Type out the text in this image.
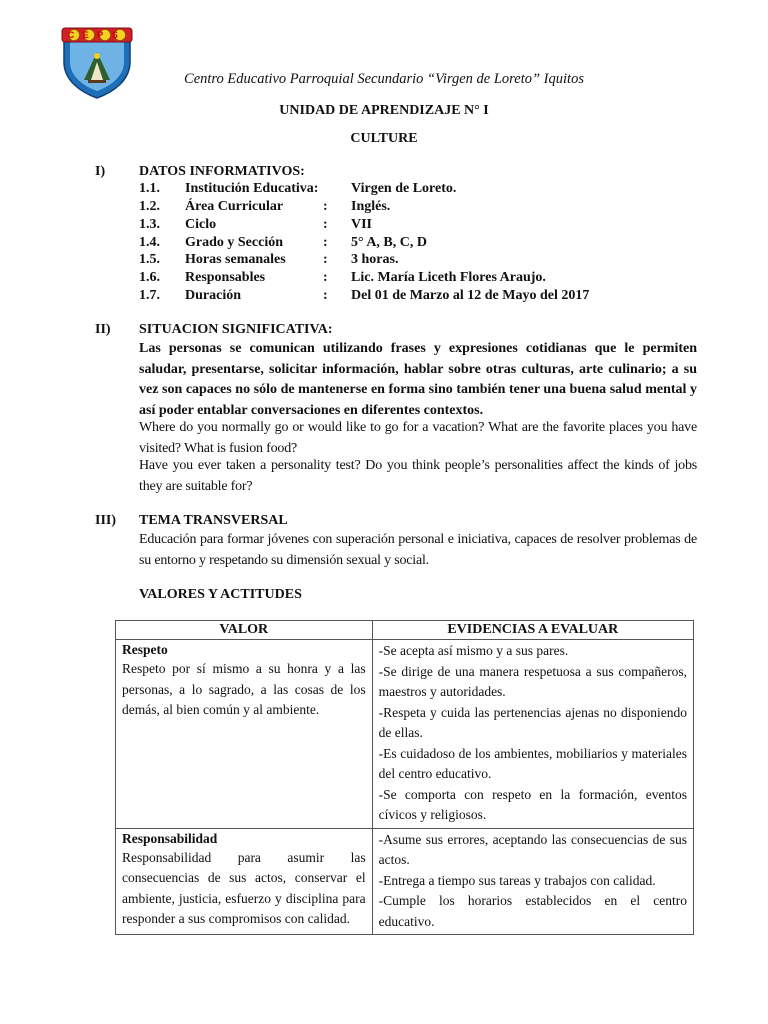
CEPS
Centro Educativo Parroquial Secundario “Virgen de Loreto” Iquitos
UNIDAD DE APRENDIZAJE N° I
CULTURE
I) DATOS INFORMATIVOS:
1.1. Institución Educativa: Virgen de Loreto.
1.2. Área Curricular	: Inglés.
1.3. Ciclo	: VII
1.4. Grado y Sección	: 5° A, B, C, D
1.5. Horas semanales	: 3 horas.
1.6. Responsables	: Lic. María Liceth Flores Araujo.
1.7. Duración	: Del 01 de Marzo al 12 de Mayo del 2017
II) SITUACION SIGNIFICATIVA:
Las personas se comunican utilizando frases y expresiones cotidianas que le permiten saludar, presentarse, solicitar información, hablar sobre otras culturas, arte culinario; a su vez son capaces no sólo de mantenerse en forma sino también tener una buena salud mental y así poder entablar conversaciones en diferentes contextos.
Where do you normally go or would like to go for a vacation? What are the favorite places you have visited? What is fusion food?
Have you ever taken a personality test? Do you think people’s personalities affect the kinds of jobs they are suitable for?
III) TEMA TRANSVERSAL
Educación para formar jóvenes con superación personal e iniciativa, capaces de resolver problemas de su entorno y respetando su dimensión sexual y social.
VALORES Y ACTITUDES
VALOR	EVIDENCIAS A EVALUAR

Respeto
Respeto por sí mismo a su honra y a las personas, a lo sagrado, a las cosas de los demás, al bien común y al ambiente.	-Se acepta así mismo y a sus pares.
-Se dirige de una manera respetuosa a sus compañeros, maestros y autoridades.
-Respeta y cuida las pertenencias ajenas no disponiendo de ellas.
-Es cuidadoso de los ambientes, mobiliarios y materiales del centro educativo.
-Se comporta con respeto en la formación, eventos cívicos y religiosos.

Responsabilidad
Responsabilidad para asumir las consecuencias de sus actos, conservar el ambiente, justicia, esfuerzo y disciplina para responder a sus compromisos con calidad.	-Asume sus errores, aceptando las consecuencias de sus actos.
-Entrega a tiempo sus tareas y trabajos con calidad.
-Cumple los horarios establecidos en el centro educativo.
